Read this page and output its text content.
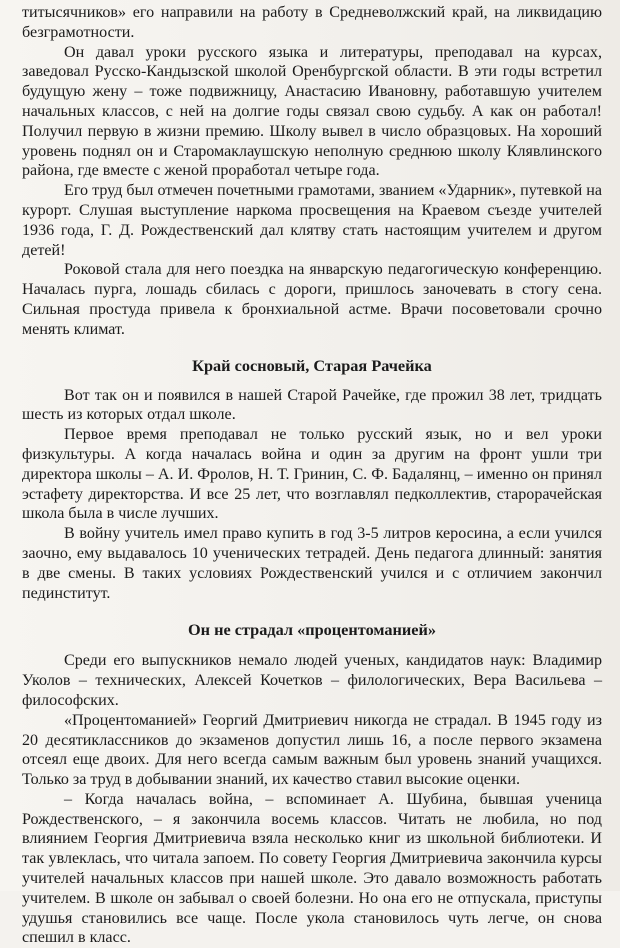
титысячников» его направили на работу в Средневолжский край, на ликвидацию безграмотности.

Он давал уроки русского языка и литературы, преподавал на курсах, заведовал Русско-Кандызской школой Оренбургской области. В эти годы встретил будущую жену – тоже подвижницу, Анастасию Ивановну, работавшую учителем начальных классов, с ней на долгие годы связал свою судьбу. А как он работал! Получил первую в жизни премию. Школу вывел в число образцовых. На хороший уровень поднял он и Старомаклаушскую неполную среднюю школу Клявлинского района, где вместе с женой проработал четыре года.

Его труд был отмечен почетными грамотами, званием «Ударник», путевкой на курорт. Слушая выступление наркома просвещения на Краевом съезде учителей 1936 года, Г. Д. Рождественский дал клятву стать настоящим учителем и другом детей!

Роковой стала для него поездка на январскую педагогическую конференцию. Началась пурга, лошадь сбилась с дороги, пришлось заночевать в стогу сена. Сильная простуда привела к бронхиальной астме. Врачи посоветовали срочно менять климат.

Край сосновый, Старая Рачейка

Вот так он и появился в нашей Старой Рачейке, где прожил 38 лет, тридцать шесть из которых отдал школе.

Первое время преподавал не только русский язык, но и вел уроки физкультуры. А когда началась война и один за другим на фронт ушли три директора школы – А. И. Фролов, Н. Т. Гринин, С. Ф. Бадалянц, – именно он принял эстафету директорства. И все 25 лет, что возглавлял педколлектив, старорачейская школа была в числе лучших.

В войну учитель имел право купить в год 3-5 литров керосина, а если учился заочно, ему выдавалось 10 ученических тетрадей. День педагога длинный: занятия в две смены. В таких условиях Рождественский учился и с отличием закончил пединститут.

Он не страдал «процентоманией»

Среди его выпускников немало людей ученых, кандидатов наук: Владимир Уколов – технических, Алексей Кочетков – филологических, Вера Васильева – философских.

«Процентоманией» Георгий Дмитриевич никогда не страдал. В 1945 году из 20 десятиклассников до экзаменов допустил лишь 16, а после первого экзамена отсеял еще двоих. Для него всегда самым важным был уровень знаний учащихся. Только за труд в добывании знаний, их качество ставил высокие оценки.

– Когда началась война, – вспоминает А. Шубина, бывшая ученица Рождественского, – я закончила восемь классов. Читать не любила, но под влиянием Георгия Дмитриевича взяла несколько книг из школьной библиотеки. И так увлеклась, что читала запоем. По совету Георгия Дмитриевича закончила курсы учителей начальных классов при нашей школе. Это давало возможность работать учителем. В школе он забывал о своей болезни. Но она его не отпускала, приступы удушья становились все чаще. После укола становилось чуть легче, он снова спешил в класс.
